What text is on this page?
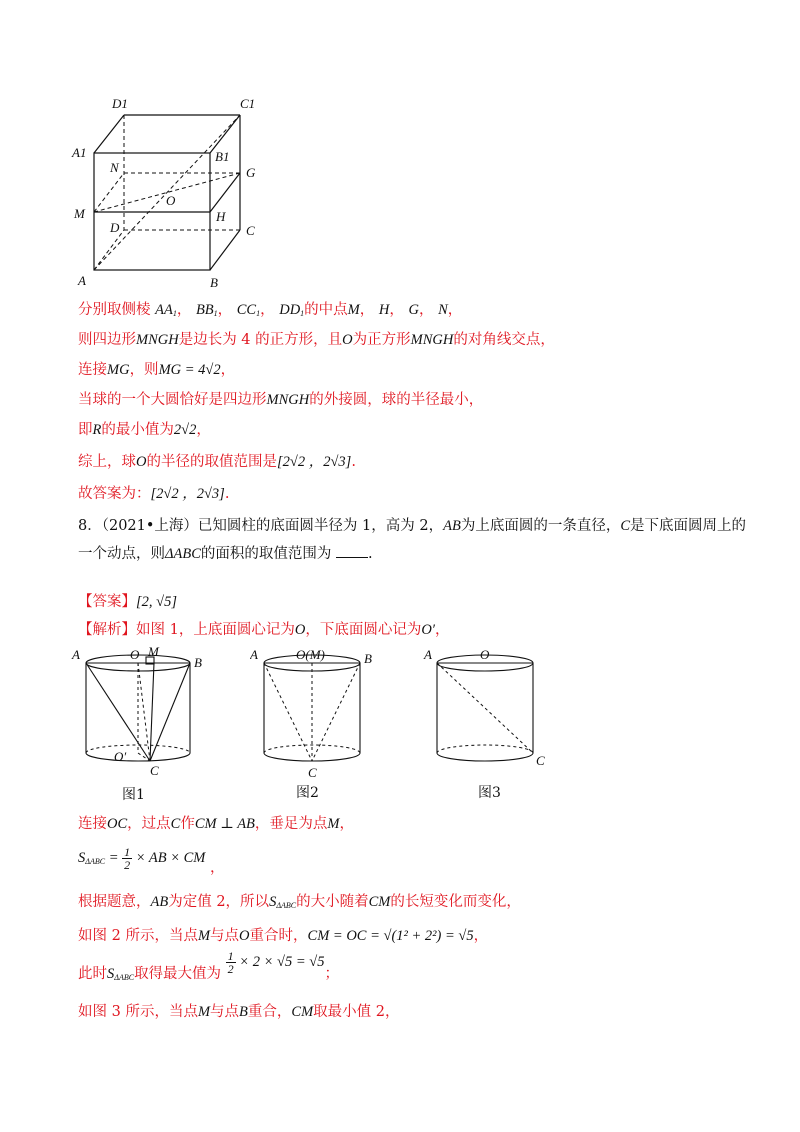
D1	C1
A1	B1
N	G
O
M	H
D	C
A	B
分别取侧棱 $AA_1$， $BB_1$， $CC_1$， $DD_1$的中点M， H， G， N，
则四边形MNGH是边长为 4 的正方形，且O为正方形MNGH的对角线交点，
连接MG，则MG = 4√2，
当球的一个大圆恰好是四边形MNGH的外接圆，球的半径最小，
即R的最小值为2√2，
综上，球O的半径的取值范围是[2√2 ，2√3].
故答案为：[2√2 ，2√3].
8．（2021•上海）已知圆柱的底面圆半径为 1，高为 2，AB为上底面圆的一条直径，C是下底面圆周上的
一个动点，则ΔABC的面积的取值范围为	.
【答案】[2, √5]
【解析】如图 1，上底面圆心记为O，下底面圆心记为O′，
A	O M
B
O′
C
图1
A	O(M)	B
C
图2
A	O
C
图3
连接OC，过点C作CM ⊥ AB，垂足为点M，
$S_{\Delta ABC} = \frac{1}{2}$ × AB × CM ，
根据题意，AB为定值 2，所以$S_{\Delta ABC}$的大小随着CM的长短变化而变化，
如图 2 所示，当点M与点O重合时，CM = OC = √(1² + 2²) = √5，
此时$S_{\Delta ABC}$取得最大值为 $\frac{1}{2} \times 2 \times √5 = √5$；
如图 3 所示，当点M与点B重合，CM取最小值 2，
